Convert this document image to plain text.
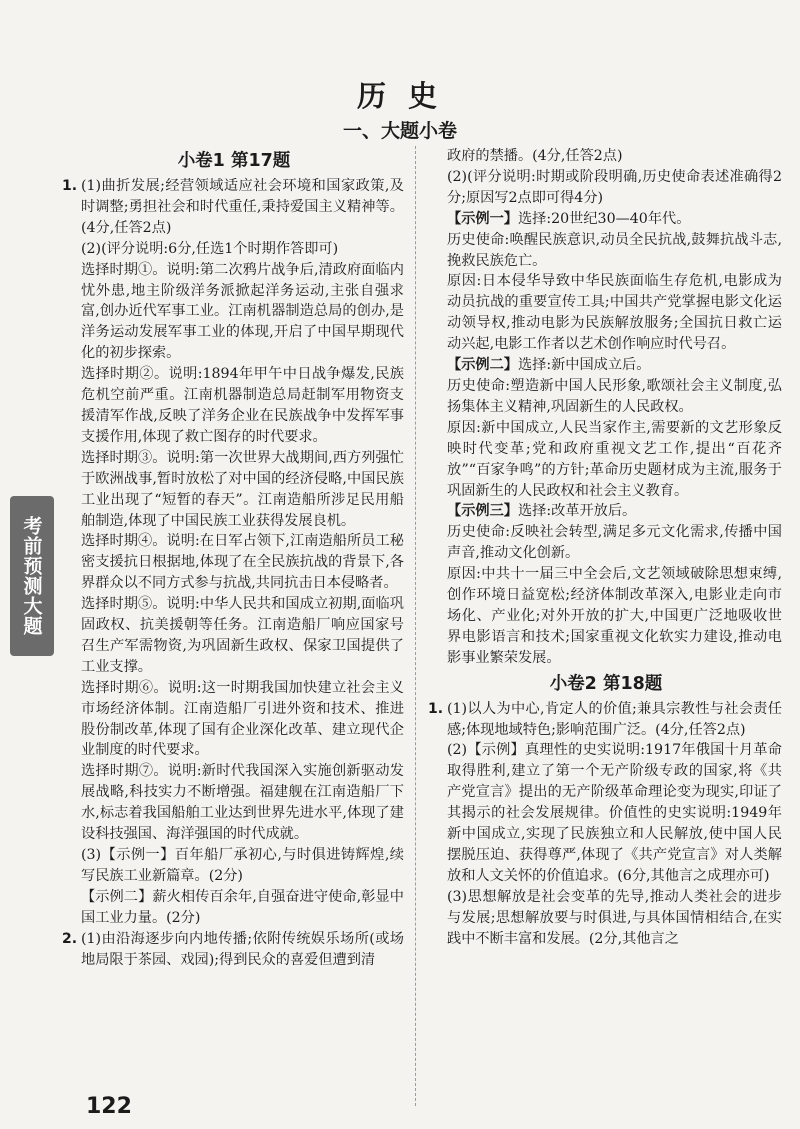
历 史
一、大题小卷
考前预测大题
小卷1 第17题

1. (1)曲折发展;经营领域适应社会环境和国家政策,及时调整;勇担社会和时代重任,秉持爱国主义精神等。(4分,任答2点)

(2)(评分说明:6分,任选1个时期作答即可)

选择时期①。说明:第二次鸦片战争后,清政府面临内忧外患,地主阶级洋务派掀起洋务运动,主张自强求富,创办近代军事工业。江南机器制造总局的创办,是洋务运动发展军事工业的体现,开启了中国早期现代化的初步探索。

选择时期②。说明:1894年甲午中日战争爆发,民族危机空前严重。江南机器制造总局赶制军用物资支援清军作战,反映了洋务企业在民族战争中发挥军事支援作用,体现了救亡图存的时代要求。

选择时期③。说明:第一次世界大战期间,西方列强忙于欧洲战事,暂时放松了对中国的经济侵略,中国民族工业出现了“短暂的春天”。江南造船所涉足民用船舶制造,体现了中国民族工业获得发展良机。

选择时期④。说明:在日军占领下,江南造船所员工秘密支援抗日根据地,体现了在全民族抗战的背景下,各界群众以不同方式参与抗战,共同抗击日本侵略者。

选择时期⑤。说明:中华人民共和国成立初期,面临巩固政权、抗美援朝等任务。江南造船厂响应国家号召生产军需物资,为巩固新生政权、保家卫国提供了工业支撑。

选择时期⑥。说明:这一时期我国加快建立社会主义市场经济体制。江南造船厂引进外资和技术、推进股份制改革,体现了国有企业深化改革、建立现代企业制度的时代要求。

选择时期⑦。说明:新时代我国深入实施创新驱动发展战略,科技实力不断增强。福建舰在江南造船厂下水,标志着我国船舶工业达到世界先进水平,体现了建设科技强国、海洋强国的时代成就。

(3)【示例一】百年船厂承初心,与时俱进铸辉煌,续写民族工业新篇章。(2分)

【示例二】薪火相传百余年,自强奋进守使命,彰显中国工业力量。(2分)

2. (1)由沿海逐步向内地传播;依附传统娱乐场所(或场地局限于茶园、戏园);得到民众的喜爱但遭到清

政府的禁播。(4分,任答2点)

(2)(评分说明:时期或阶段明确,历史使命表述准确得2分;原因写2点即可得4分)

【示例一】选择:20世纪30—40年代。

历史使命:唤醒民族意识,动员全民抗战,鼓舞抗战斗志,挽救民族危亡。

原因:日本侵华导致中华民族面临生存危机,电影成为动员抗战的重要宣传工具;中国共产党掌握电影文化运动领导权,推动电影为民族解放服务;全国抗日救亡运动兴起,电影工作者以艺术创作响应时代号召。

【示例二】选择:新中国成立后。

历史使命:塑造新中国人民形象,歌颂社会主义制度,弘扬集体主义精神,巩固新生的人民政权。

原因:新中国成立,人民当家作主,需要新的文艺形象反映时代变革;党和政府重视文艺工作,提出“百花齐放”“百家争鸣”的方针;革命历史题材成为主流,服务于巩固新生的人民政权和社会主义教育。

【示例三】选择:改革开放后。

历史使命:反映社会转型,满足多元文化需求,传播中国声音,推动文化创新。

原因:中共十一届三中全会后,文艺领域破除思想束缚,创作环境日益宽松;经济体制改革深入,电影业走向市场化、产业化;对外开放的扩大,中国更广泛地吸收世界电影语言和技术;国家重视文化软实力建设,推动电影事业繁荣发展。

小卷2 第18题

1. (1)以人为中心,肯定人的价值;兼具宗教性与社会责任感;体现地域特色;影响范围广泛。(4分,任答2点)

(2)【示例】真理性的史实说明:1917年俄国十月革命取得胜利,建立了第一个无产阶级专政的国家,将《共产党宣言》提出的无产阶级革命理论变为现实,印证了其揭示的社会发展规律。价值性的史实说明:1949年新中国成立,实现了民族独立和人民解放,使中国人民摆脱压迫、获得尊严,体现了《共产党宣言》对人类解放和人文关怀的价值追求。(6分,其他言之成理亦可)

(3)思想解放是社会变革的先导,推动人类社会的进步与发展;思想解放要与时俱进,与具体国情相结合,在实践中不断丰富和发展。(2分,其他言之

122
